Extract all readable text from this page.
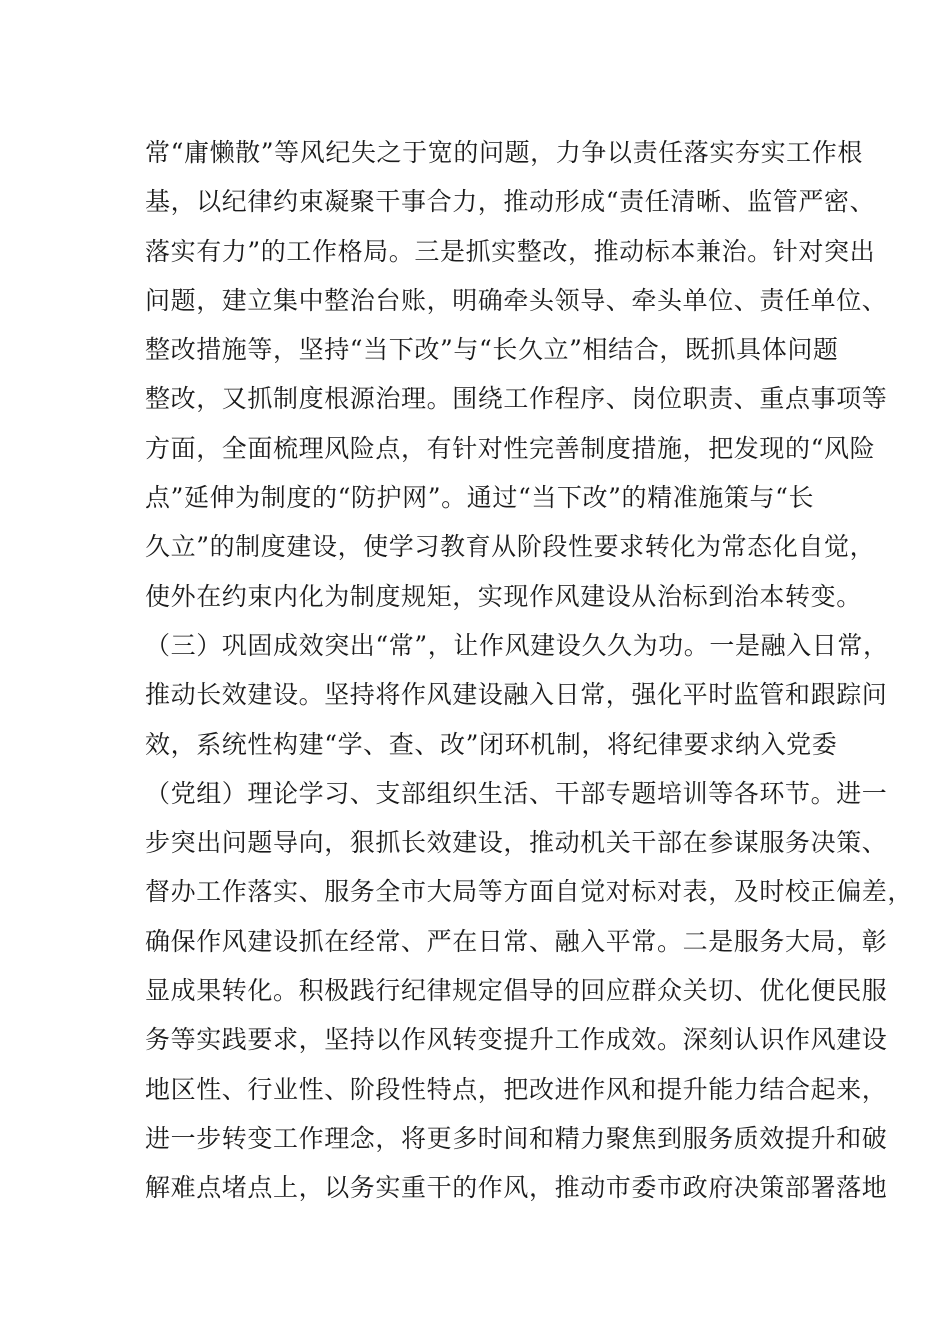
常“庸懒散”等风纪失之于宽的问题，力争以责任落实夯实工作根
基，以纪律约束凝聚干事合力，推动形成“责任清晰、监管严密、
落实有力”的工作格局。三是抓实整改，推动标本兼治。针对突出
问题，建立集中整治台账，明确牵头领导、牵头单位、责任单位、
整改措施等，坚持“当下改”与“长久立”相结合，既抓具体问题
整改，又抓制度根源治理。围绕工作程序、岗位职责、重点事项等
方面，全面梳理风险点，有针对性完善制度措施，把发现的“风险
点”延伸为制度的“防护网”。通过“当下改”的精准施策与“长
久立”的制度建设，使学习教育从阶段性要求转化为常态化自觉，
使外在约束内化为制度规矩，实现作风建设从治标到治本转变。
（三）巩固成效突出“常”，让作风建设久久为功。一是融入日常，
推动长效建设。坚持将作风建设融入日常，强化平时监管和跟踪问
效，系统性构建“学、查、改”闭环机制，将纪律要求纳入党委
（党组）理论学习、支部组织生活、干部专题培训等各环节。进一
步突出问题导向，狠抓长效建设，推动机关干部在参谋服务决策、
督办工作落实、服务全市大局等方面自觉对标对表，及时校正偏差，
确保作风建设抓在经常、严在日常、融入平常。二是服务大局，彰
显成果转化。积极践行纪律规定倡导的回应群众关切、优化便民服
务等实践要求，坚持以作风转变提升工作成效。深刻认识作风建设
地区性、行业性、阶段性特点，把改进作风和提升能力结合起来，
进一步转变工作理念，将更多时间和精力聚焦到服务质效提升和破
解难点堵点上，以务实重干的作风，推动市委市政府决策部署落地
